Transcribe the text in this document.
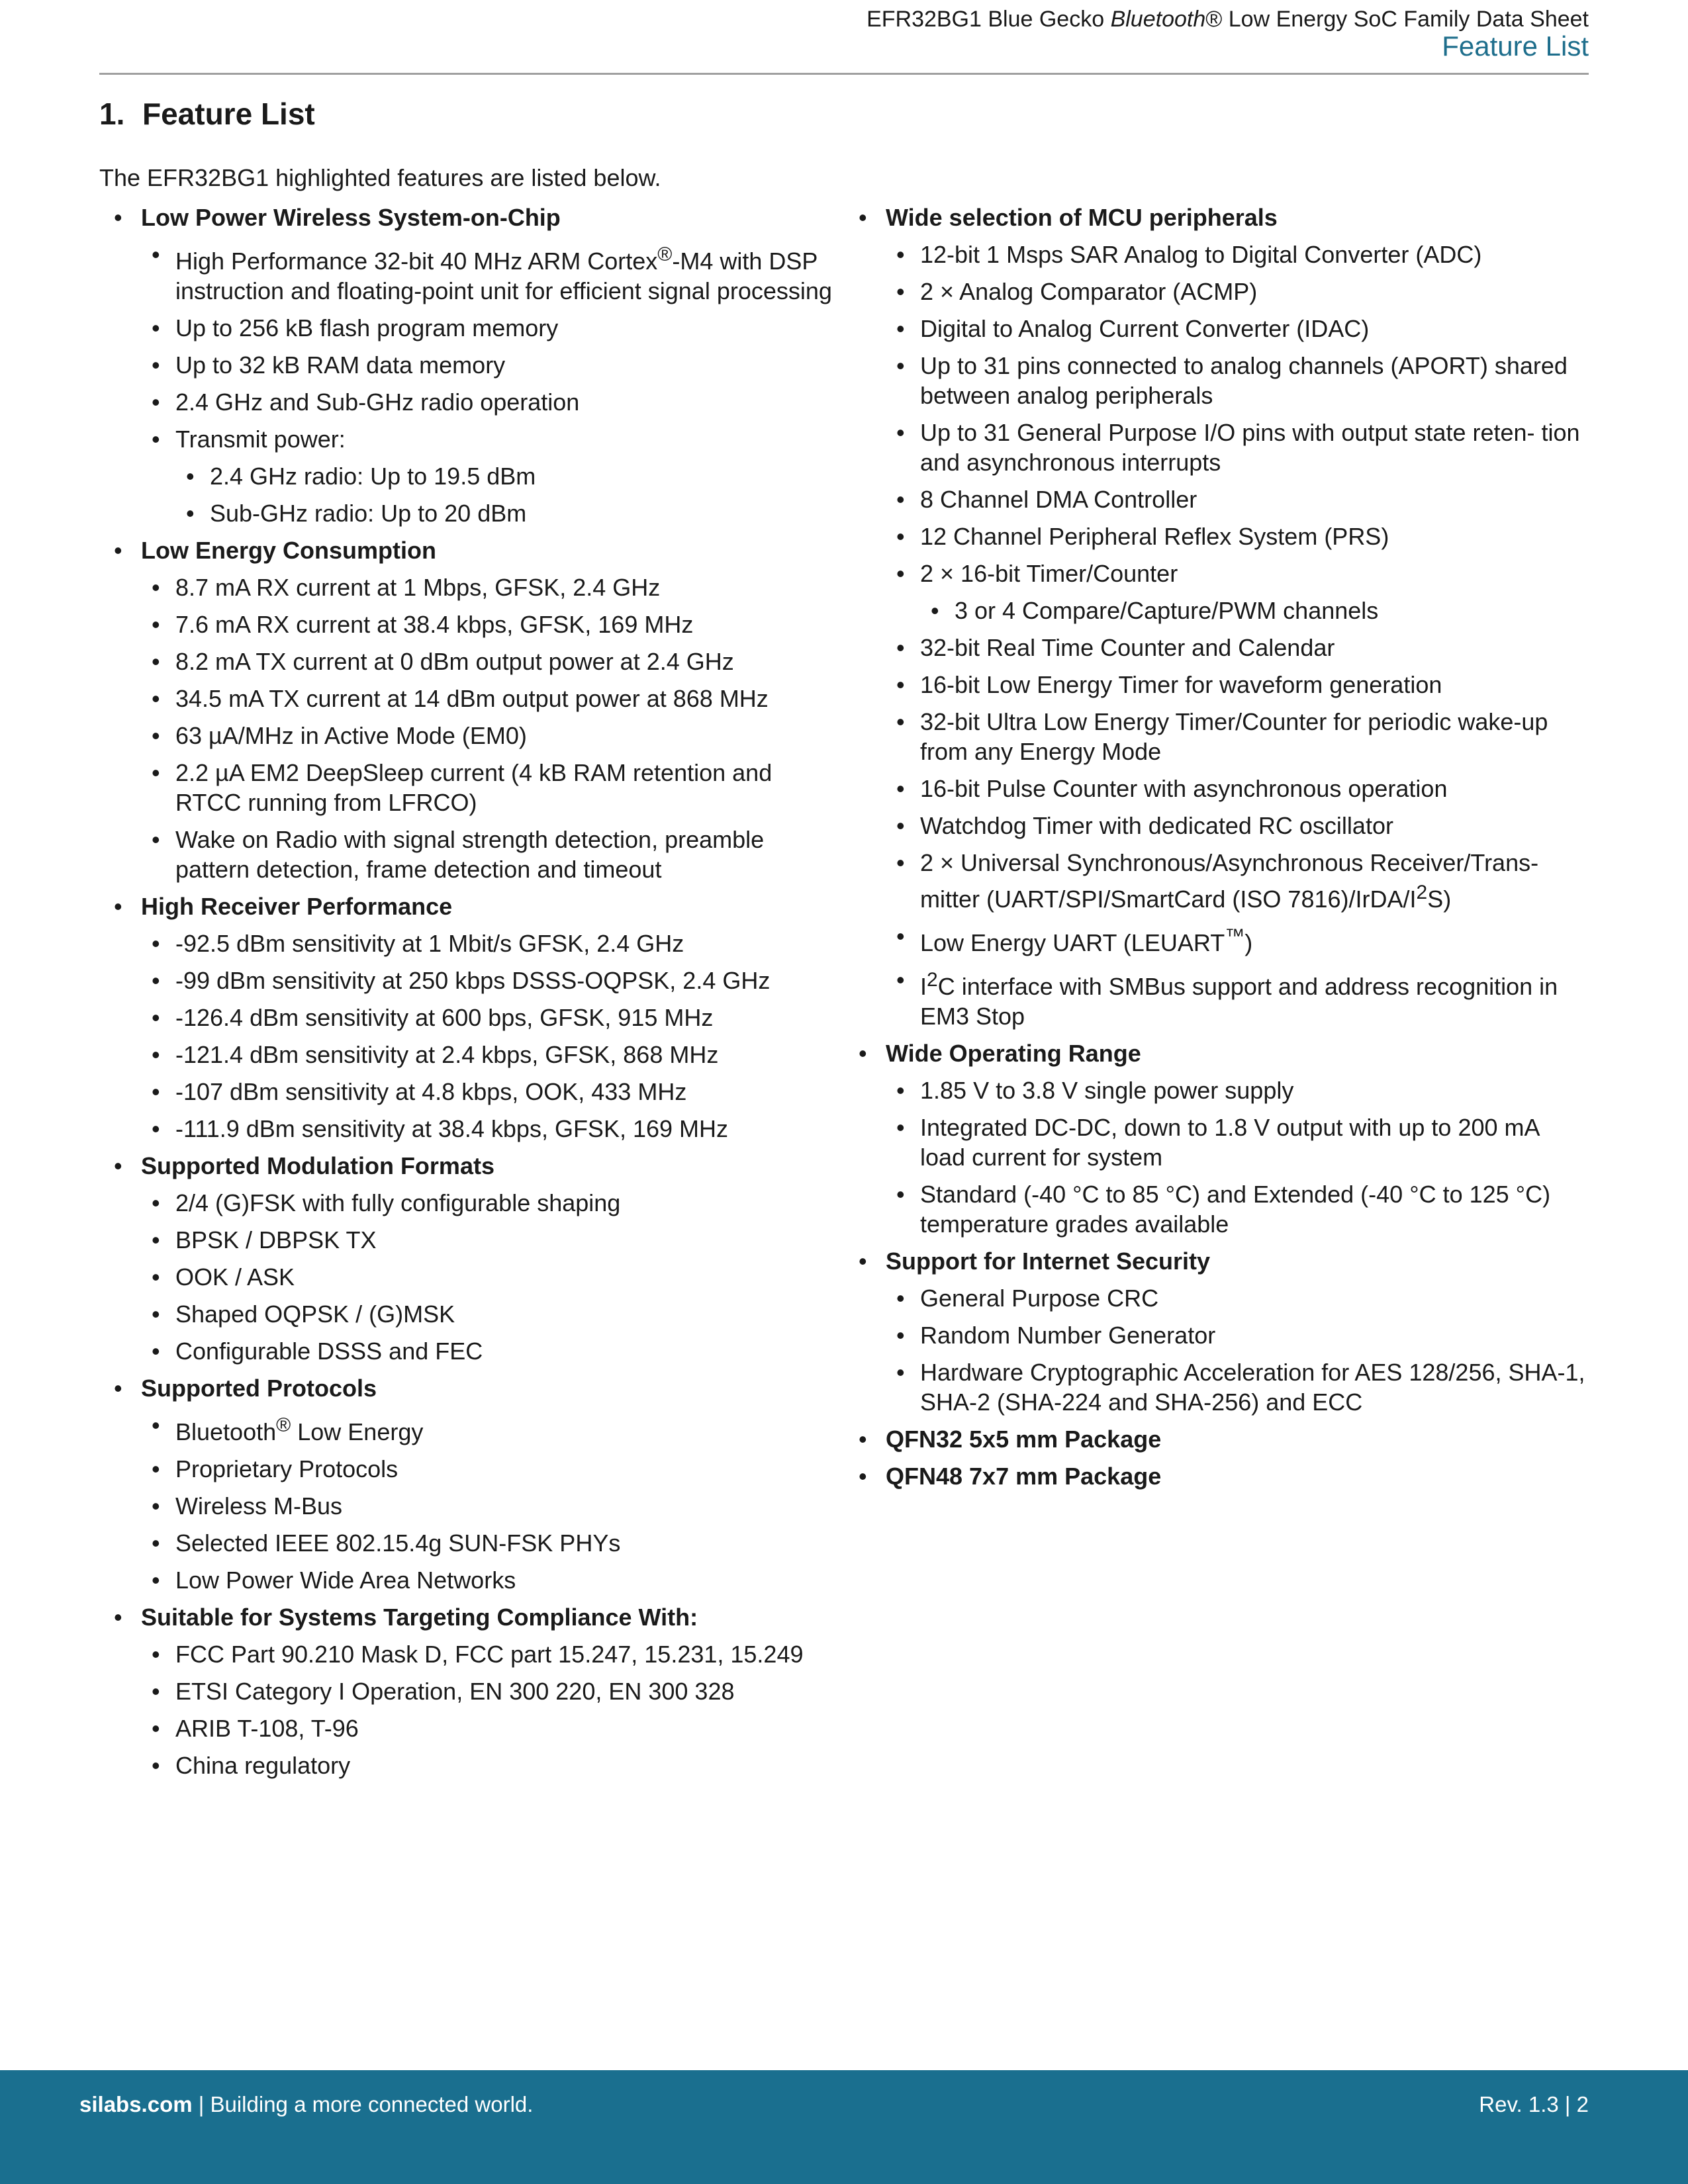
EFR32BG1 Blue Gecko Bluetooth® Low Energy SoC Family Data Sheet
Feature List
1. Feature List
The EFR32BG1 highlighted features are listed below.
• Low Power Wireless System-on-Chip
• High Performance 32-bit 40 MHz ARM Cortex®-M4 with DSP instruction and floating-point unit for efficient signal processing
• Up to 256 kB flash program memory
• Up to 32 kB RAM data memory
• 2.4 GHz and Sub-GHz radio operation
• Transmit power:
• 2.4 GHz radio: Up to 19.5 dBm
• Sub-GHz radio: Up to 20 dBm
• Low Energy Consumption
• 8.7 mA RX current at 1 Mbps, GFSK, 2.4 GHz
• 7.6 mA RX current at 38.4 kbps, GFSK, 169 MHz
• 8.2 mA TX current at 0 dBm output power at 2.4 GHz
• 34.5 mA TX current at 14 dBm output power at 868 MHz
• 63 µA/MHz in Active Mode (EM0)
• 2.2 µA EM2 DeepSleep current (4 kB RAM retention and RTCC running from LFRCO)
• Wake on Radio with signal strength detection, preamble pattern detection, frame detection and timeout
• High Receiver Performance
• -92.5 dBm sensitivity at 1 Mbit/s GFSK, 2.4 GHz
• -99 dBm sensitivity at 250 kbps DSSS-OQPSK, 2.4 GHz
• -126.4 dBm sensitivity at 600 bps, GFSK, 915 MHz
• -121.4 dBm sensitivity at 2.4 kbps, GFSK, 868 MHz
• -107 dBm sensitivity at 4.8 kbps, OOK, 433 MHz
• -111.9 dBm sensitivity at 38.4 kbps, GFSK, 169 MHz
• Supported Modulation Formats
• 2/4 (G)FSK with fully configurable shaping
• BPSK / DBPSK TX
• OOK / ASK
• Shaped OQPSK / (G)MSK
• Configurable DSSS and FEC
• Supported Protocols
• Bluetooth® Low Energy
• Proprietary Protocols
• Wireless M-Bus
• Selected IEEE 802.15.4g SUN-FSK PHYs
• Low Power Wide Area Networks
• Suitable for Systems Targeting Compliance With:
• FCC Part 90.210 Mask D, FCC part 15.247, 15.231, 15.249
• ETSI Category I Operation, EN 300 220, EN 300 328
• ARIB T-108, T-96
• China regulatory
• Wide selection of MCU peripherals
• 12-bit 1 Msps SAR Analog to Digital Converter (ADC)
• 2 × Analog Comparator (ACMP)
• Digital to Analog Current Converter (IDAC)
• Up to 31 pins connected to analog channels (APORT) shared between analog peripherals
• Up to 31 General Purpose I/O pins with output state reten- tion and asynchronous interrupts
• 8 Channel DMA Controller
• 12 Channel Peripheral Reflex System (PRS)
• 2 × 16-bit Timer/Counter
• 3 or 4 Compare/Capture/PWM channels
• 32-bit Real Time Counter and Calendar
• 16-bit Low Energy Timer for waveform generation
• 32-bit Ultra Low Energy Timer/Counter for periodic wake-up from any Energy Mode
• 16-bit Pulse Counter with asynchronous operation
• Watchdog Timer with dedicated RC oscillator
• 2 × Universal Synchronous/Asynchronous Receiver/Trans- mitter (UART/SPI/SmartCard (ISO $7816)/IrDA/I^2S$)
• Low Energy UART (LEUART™)
• $I^2C$ interface with SMBus support and address recognition in EM3 Stop
• Wide Operating Range
• 1.85 V to 3.8 V single power supply
• Integrated DC-DC, down to 1.8 V output with up to 200 mA load current for system
• Standard (-40 °C to 85 °C) and Extended (-40 °C to 125 °C) temperature grades available
• Support for Internet Security
• General Purpose CRC
• Random Number Generator
• Hardware Cryptographic Acceleration for AES 128/256, SHA-1, SHA-2 (SHA-224 and SHA-256) and ECC
• QFN32 5x5 mm Package
• QFN48 7x7 mm Package
silabs.com | Building a more connected world.	Rev. 1.3 | 2
